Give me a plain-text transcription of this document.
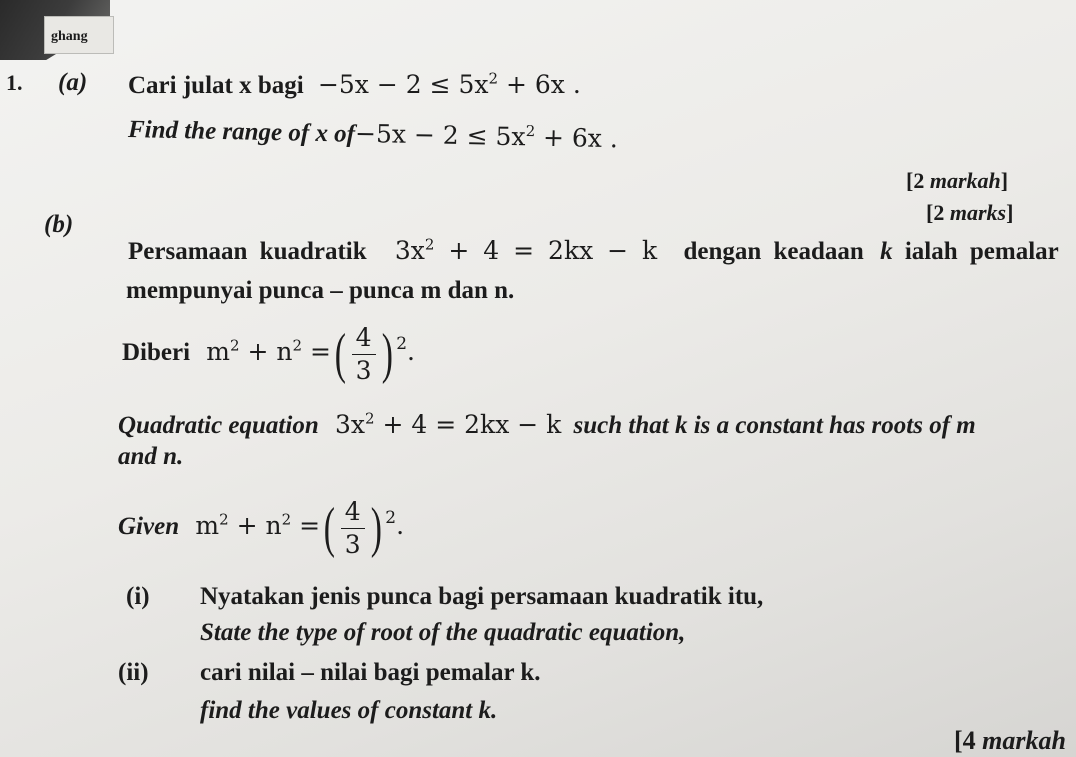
ghang
1. (a) Cari julat x bagi $-5x - 2 \le 5x^2 + 6x$ .
Find the range of x $of-5x - 2 \le 5x^2 + 6x$ .
[2 markah]
[2 marks]
(b)
Persamaan kuadratik $3x^2 + 4 = 2kx - k$ dengan keadaan k ialah pemalar
mempunyai punca – punca m dan n.
Diberi $m^2 + n^2$ =( $\frac{4}{3}$ ) $^2$.
Quadratic equation $3x^2 + 4 = 2kx - k$ such that k is a constant has roots of m
and n.
Given $m^2 + n^2$ =( $\frac{4}{3}$ ) $^2$.
(i) Nyatakan jenis punca bagi persamaan kuadratik itu,
State the type of root of the quadratic equation,
(ii) cari nilai – nilai bagi pemalar k.
find the values of constant k.
[4 markah
